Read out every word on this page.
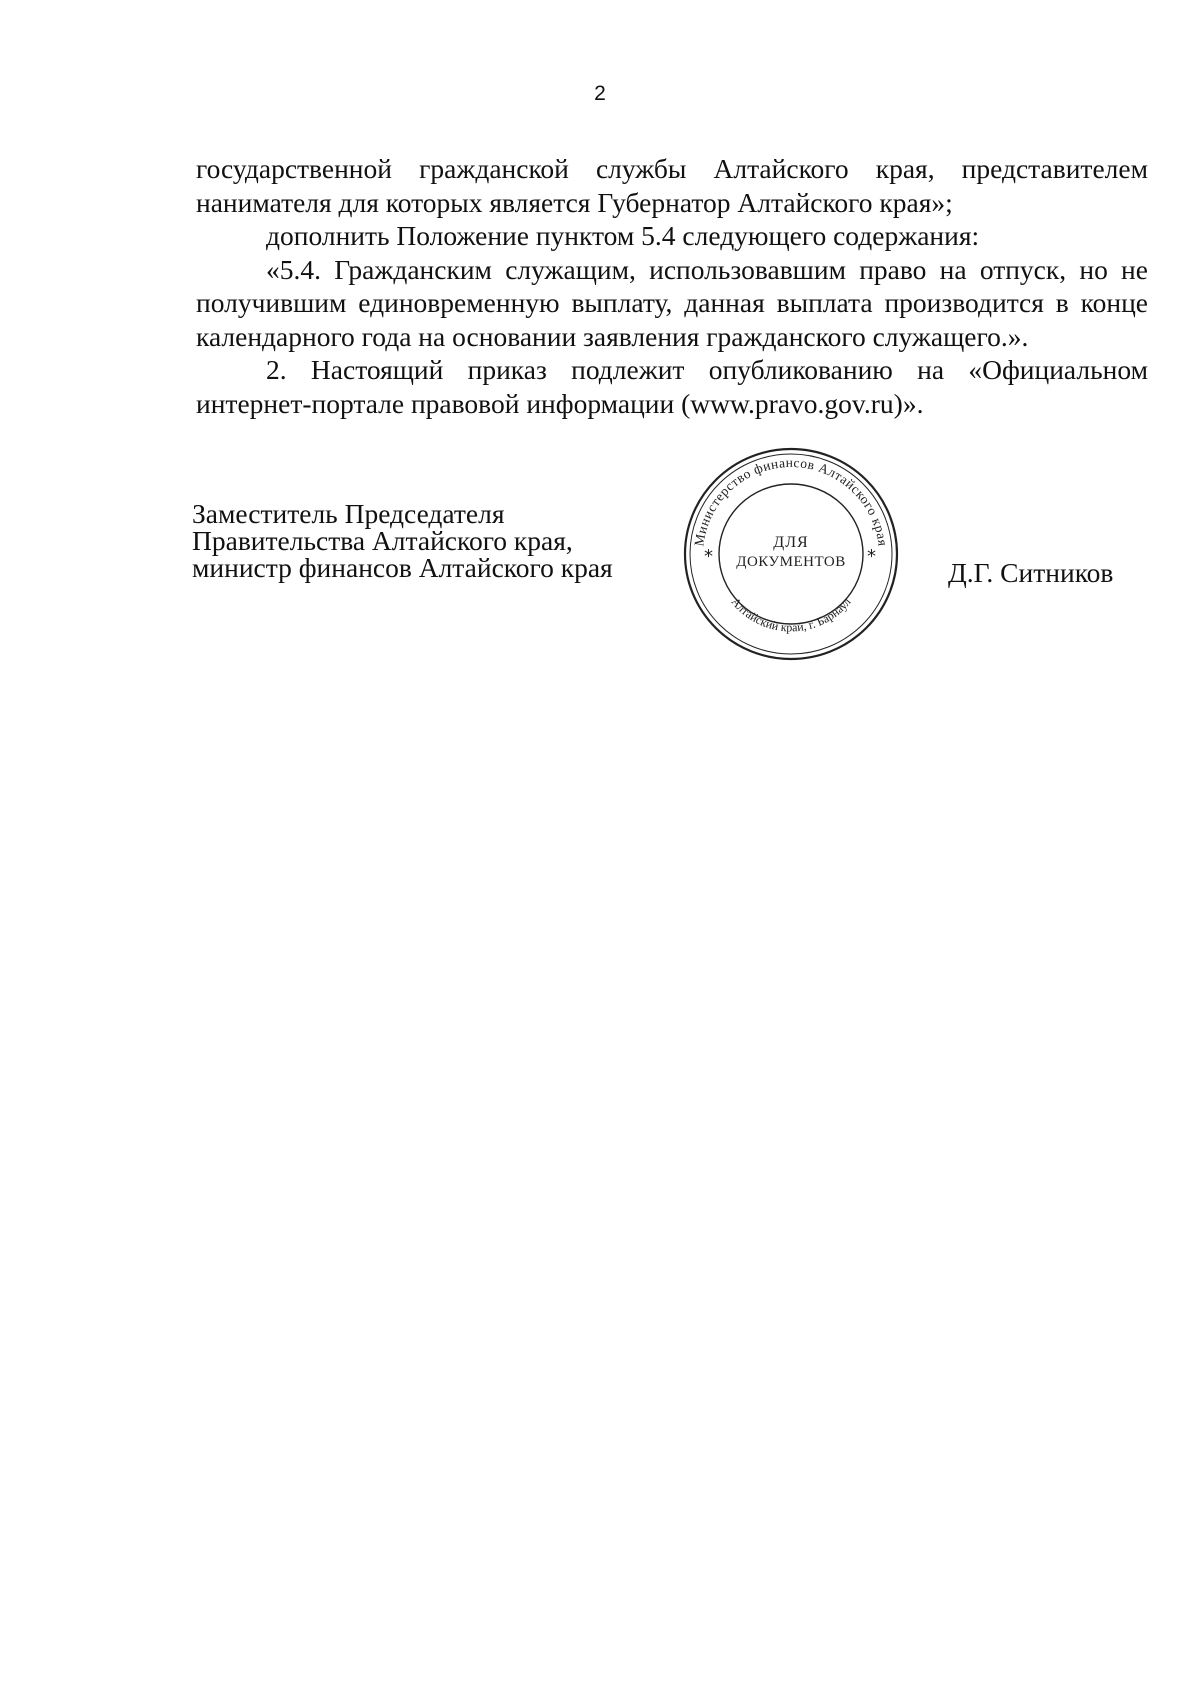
2

государственной гражданской службы Алтайского края, представителем нанимателя для которых является Губернатор Алтайского края»;

дополнить Положение пунктом 5.4 следующего содержания:

«5.4. Гражданским служащим, использовавшим право на отпуск, но не получившим единовременную выплату, данная выплата производится в конце календарного года на основании заявления гражданского служащего.».

2. Настоящий приказ подлежит опубликованию на «Официальном интернет-портале правовой информации (www.pravo.gov.ru)».

Заместитель Председателя
Правительства Алтайского края,
министр финансов Алтайского края
Министерство финансов Алтайского края
Алтайский край, г. Барнаул
*	*
ДЛЯ
ДОКУМЕНТОВ	Д.Г. Ситников
